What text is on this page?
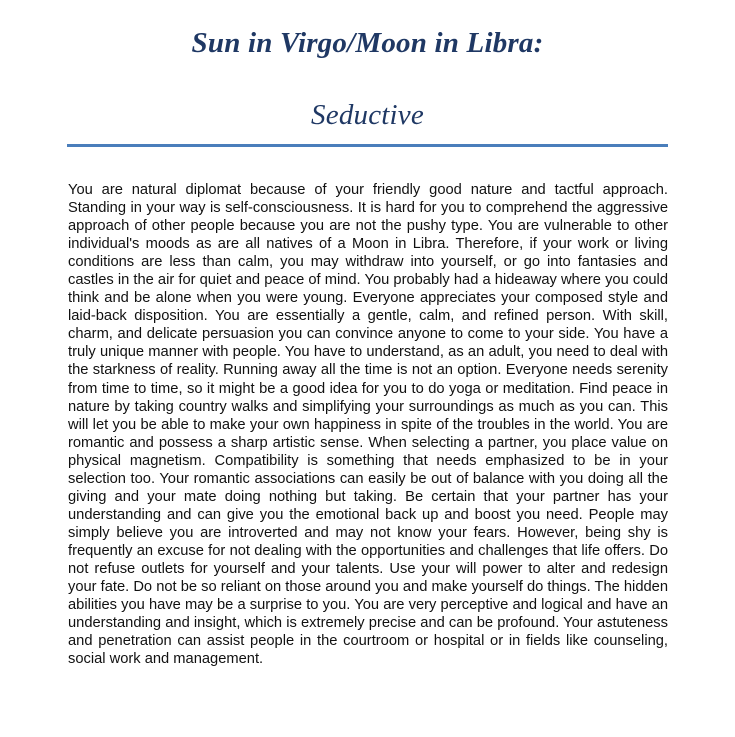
Sun in Virgo/Moon in Libra:
Seductive

You are natural diplomat because of your friendly good nature and tactful approach. Standing in your way is self-consciousness. It is hard for you to comprehend the aggressive approach of other people because you are not the pushy type. You are vulnerable to other individual's moods as are all natives of a Moon in Libra. Therefore, if your work or living conditions are less than calm, you may withdraw into yourself, or go into fantasies and castles in the air for quiet and peace of mind. You probably had a hideaway where you could think and be alone when you were young. Everyone appreciates your composed style and laid-back disposition. You are essentially a gentle, calm, and refined person. With skill, charm, and delicate persuasion you can convince anyone to come to your side. You have a truly unique manner with people. You have to understand, as an adult, you need to deal with the starkness of reality. Running away all the time is not an option. Everyone needs serenity from time to time, so it might be a good idea for you to do yoga or meditation. Find peace in nature by taking country walks and simplifying your surroundings as much as you can. This will let you be able to make your own happiness in spite of the troubles in the world. You are romantic and possess a sharp artistic sense. When selecting a partner, you place value on physical magnetism. Compatibility is something that needs emphasized to be in your selection too. Your romantic associations can easily be out of balance with you doing all the giving and your mate doing nothing but taking. Be certain that your partner has your understanding and can give you the emotional back up and boost you need. People may simply believe you are introverted and may not know your fears. However, being shy is frequently an excuse for not dealing with the opportunities and challenges that life offers. Do not refuse outlets for yourself and your talents. Use your will power to alter and redesign your fate. Do not be so reliant on those around you and make yourself do things. The hidden abilities you have may be a surprise to you. You are very perceptive and logical and have an understanding and insight, which is extremely precise and can be profound. Your astuteness and penetration can assist people in the courtroom or hospital or in fields like counseling, social work and management.
